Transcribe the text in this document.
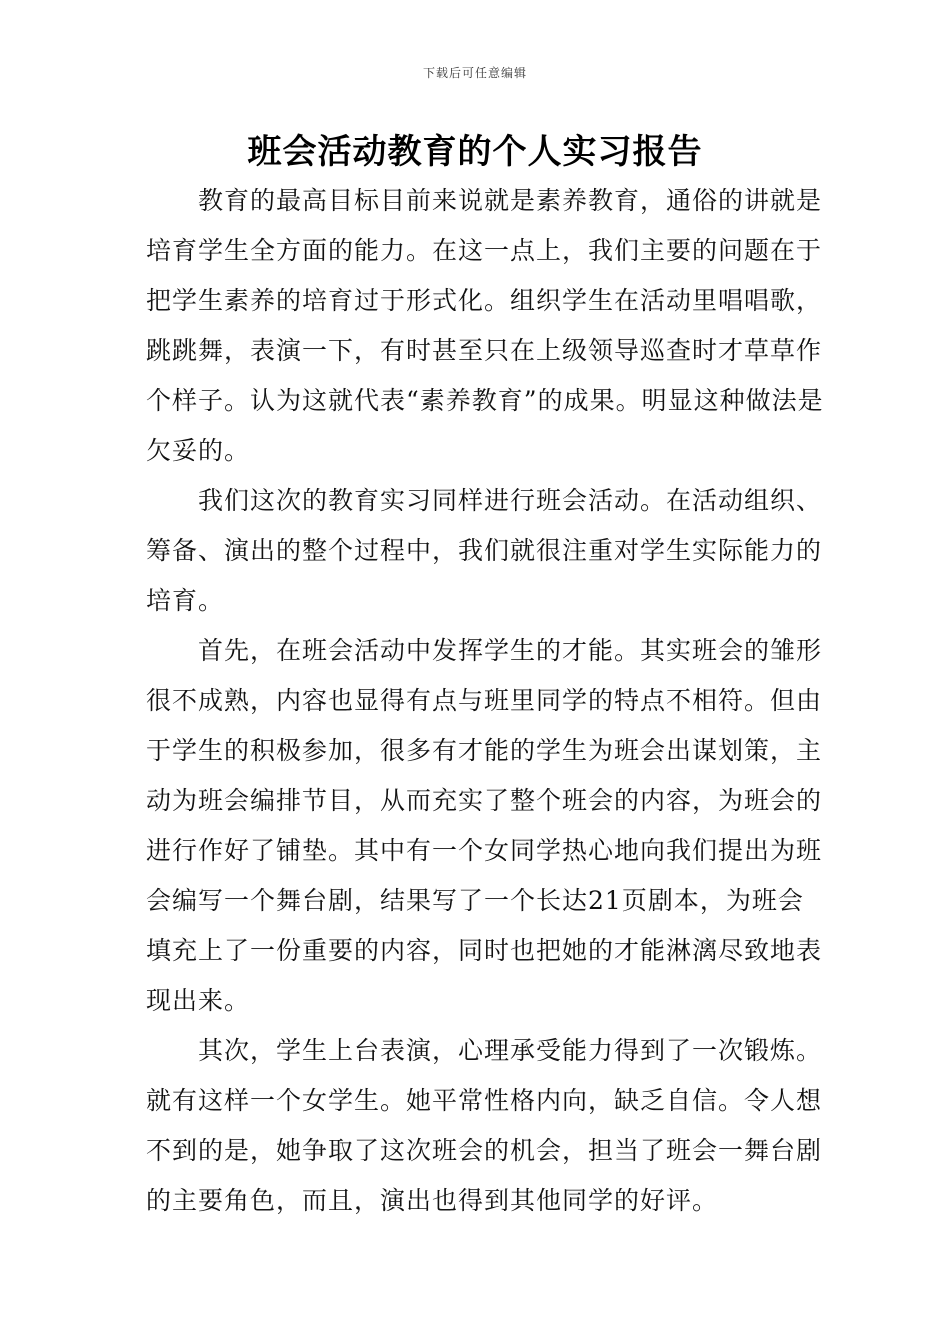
下载后可任意编辑
班会活动教育的个人实习报告

教育的最高目标目前来说就是素养教育，通俗的讲就是培育学生全方面的能力。在这一点上，我们主要的问题在于把学生素养的培育过于形式化。组织学生在活动里唱唱歌，跳跳舞，表演一下，有时甚至只在上级领导巡查时才草草作个样子。认为这就代表“素养教育”的成果。明显这种做法是欠妥的。

我们这次的教育实习同样进行班会活动。在活动组织、筹备、演出的整个过程中，我们就很注重对学生实际能力的培育。

首先，在班会活动中发挥学生的才能。其实班会的雏形很不成熟，内容也显得有点与班里同学的特点不相符。但由于学生的积极参加，很多有才能的学生为班会出谋划策，主动为班会编排节目，从而充实了整个班会的内容，为班会的进行作好了铺垫。其中有一个女同学热心地向我们提出为班会编写一个舞台剧，结果写了一个长达21页剧本，为班会填充上了一份重要的内容，同时也把她的才能淋漓尽致地表现出来。

其次，学生上台表演，心理承受能力得到了一次锻炼。就有这样一个女学生。她平常性格内向，缺乏自信。令人想不到的是，她争取了这次班会的机会，担当了班会一舞台剧的主要角色，而且，演出也得到其他同学的好评。
